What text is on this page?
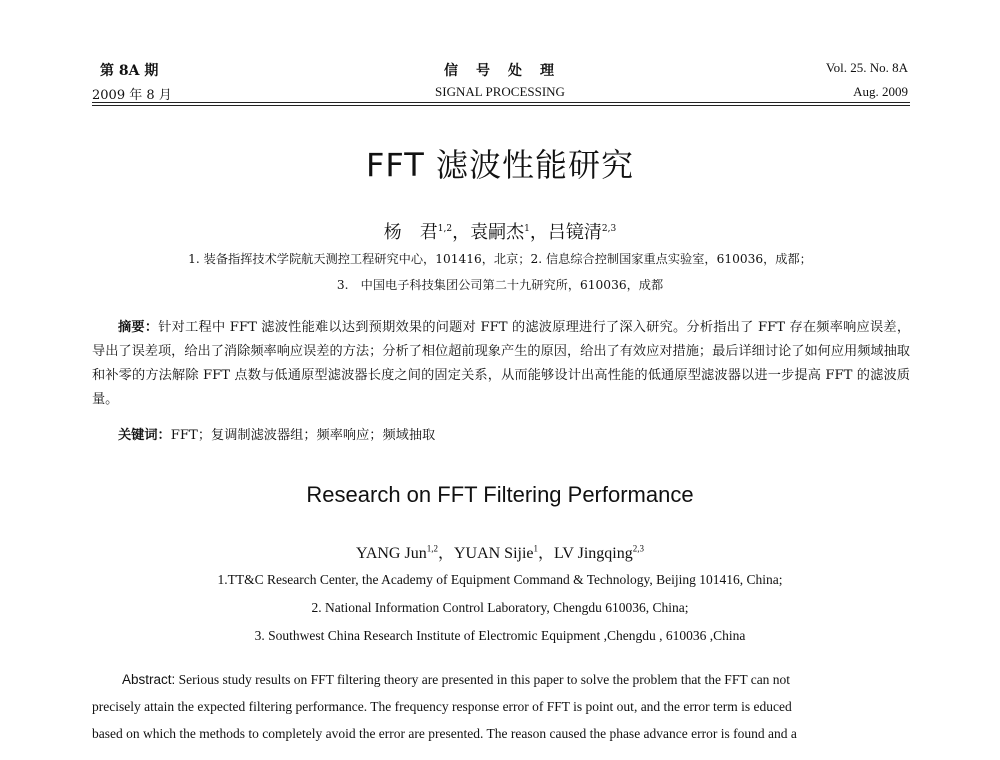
第 8A 期
2009 年 8 月
信　号　处　理
SIGNAL PROCESSING
Vol. 25. No. 8A
Aug. 2009
FFT 滤波性能研究
杨　君$^{1,2}$，袁嗣杰$^1$，吕镜清$^{2,3}$
1. 装备指挥技术学院航天测控工程研究中心，101416，北京；2. 信息综合控制国家重点实验室，610036，成都；
3.　中国电子科技集团公司第二十九研究所，610036，成都
摘要：针对工程中 FFT 滤波性能难以达到预期效果的问题对 FFT 的滤波原理进行了深入研究。分析指出了 FFT 存在频率响应误差，导出了误差项，给出了消除频率响应误差的方法；分析了相位超前现象产生的原因，给出了有效应对措施；最后详细讨论了如何应用频域抽取和补零的方法解除 FFT 点数与低通原型滤波器长度之间的固定关系，从而能够设计出高性能的低通原型滤波器以进一步提高 FFT 的滤波质量。
关键词：FFT；复调制滤波器组；频率响应；频域抽取
Research on FFT Filtering Performance
YANG Jun$^{1,2}$，YUAN Sijie$^1$，LV Jingqing$^{2,3}$
1.TT&C Research Center, the Academy of Equipment Command & Technology, Beijing 101416, China;
2. National Information Control Laboratory, Chengdu 610036, China;
3. Southwest China Research Institute of Electromic Equipment ,Chengdu , 610036 ,China
Abstract: Serious study results on FFT filtering theory are presented in this paper to solve the problem that the FFT can not
precisely attain the expected filtering performance. The frequency response error of FFT is point out, and the error term is educed
based on which the methods to completely avoid the error are presented. The reason caused the phase advance error is found and a
